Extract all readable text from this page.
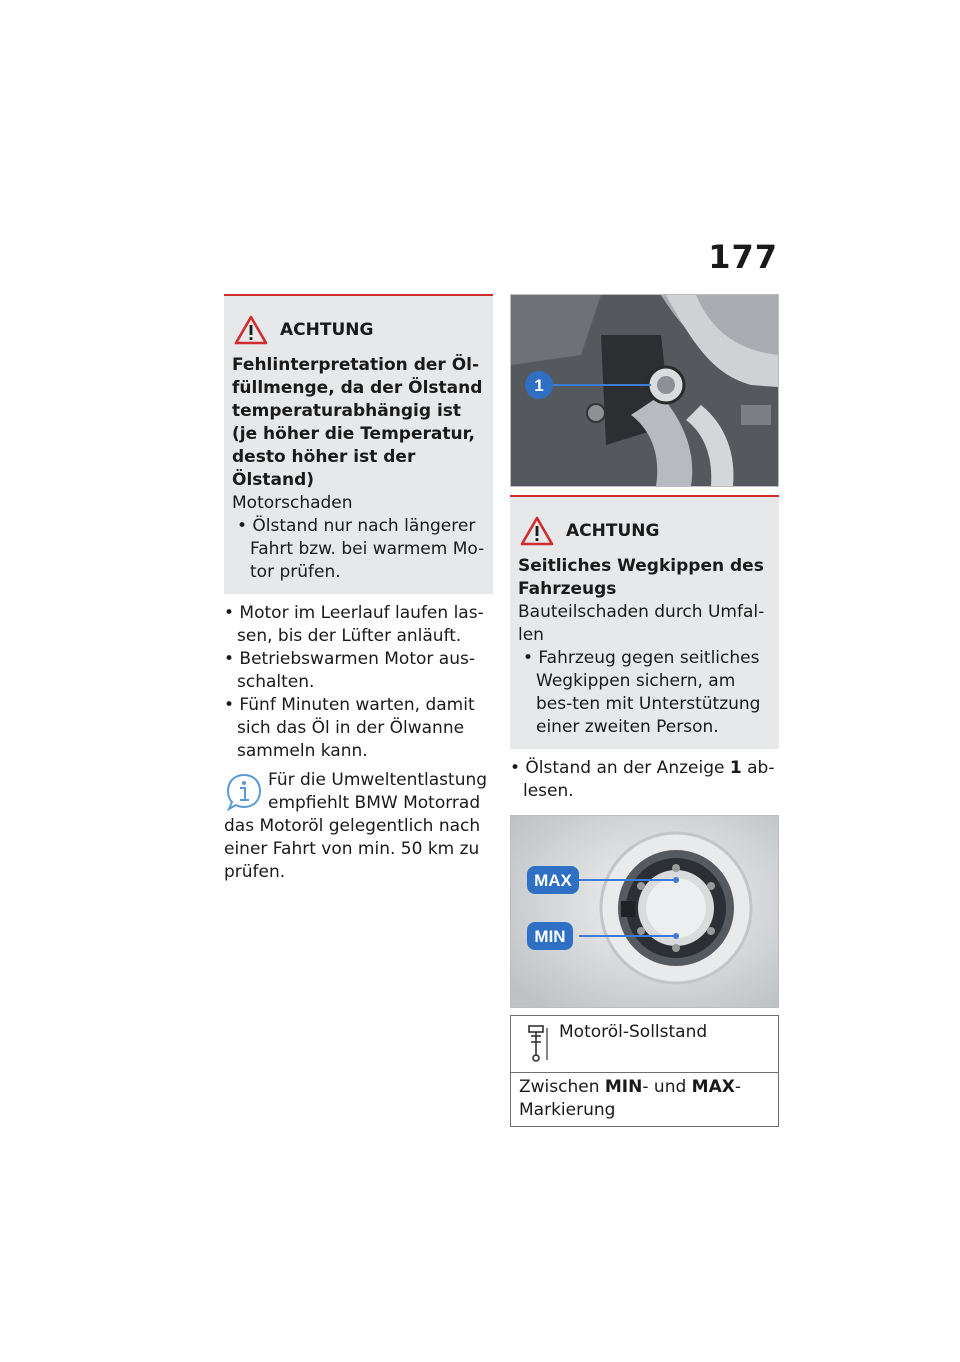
177
ACHTUNG
Fehlinterpretation der Öl-füllmenge, da der Ölstand temperaturabhängig ist (je höher die Temperatur, desto höher ist der Ölstand)
Motorschaden
• Ölstand nur nach längerer Fahrt bzw. bei warmem Mo-tor prüfen.
• Motor im Leerlauf laufen las-sen, bis der Lüfter anläuft.
• Betriebswarmen Motor aus-schalten.
• Fünf Minuten warten, damit sich das Öl in der Ölwanne sammeln kann.
Für die Umweltentlastung empfiehlt BMW Motorrad das Motoröl gelegentlich nach einer Fahrt von min. 50 km zu prüfen.
1
ACHTUNG
Seitliches Wegkippen des Fahrzeugs
Bauteilschaden durch Umfal-len
• Fahrzeug gegen seitliches Wegkippen sichern, am bes-ten mit Unterstützung einer zweiten Person.
• Ölstand an der Anzeige 1 ab-lesen.
MAX
MIN
Motoröl-Sollstand
Zwischen MIN- und MAX-Markierung
